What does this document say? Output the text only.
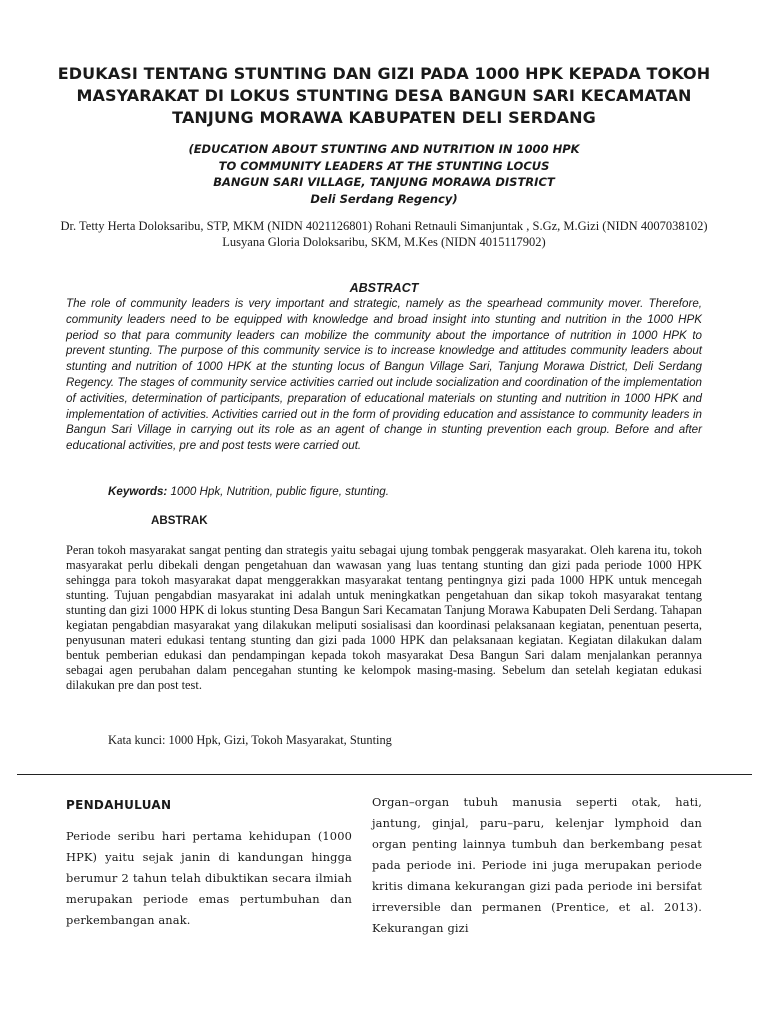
EDUKASI TENTANG STUNTING DAN GIZI PADA 1000 HPK KEPADA TOKOH MASYARAKAT DI LOKUS STUNTING DESA BANGUN SARI KECAMATAN TANJUNG MORAWA KABUPATEN DELI SERDANG
(EDUCATION ABOUT STUNTING AND NUTRITION IN 1000 HPK
TO COMMUNITY LEADERS AT THE STUNTING LOCUS
BANGUN SARI VILLAGE, TANJUNG MORAWA DISTRICT
Deli Serdang Regency)

Dr. Tetty Herta Doloksaribu, STP, MKM (NIDN 4021126801) Rohani Retnauli Simanjuntak , S.Gz, M.Gizi (NIDN 4007038102) Lusyana Gloria Doloksaribu, SKM, M.Kes (NIDN 4015117902)

ABSTRACT

The role of community leaders is very important and strategic, namely as the spearhead community mover. Therefore, community leaders need to be equipped with knowledge and broad insight into stunting and nutrition in the 1000 HPK period so that para community leaders can mobilize the community about the importance of nutrition in 1000 HPK to prevent stunting. The purpose of this community service is to increase knowledge and attitudes community leaders about stunting and nutrition of 1000 HPK at the stunting locus of Bangun Village Sari, Tanjung Morawa District, Deli Serdang Regency. The stages of community service activities carried out include socialization and coordination of the implementation of activities, determination of participants, preparation of educational materials on stunting and nutrition in 1000 HPK and implementation of activities. Activities carried out in the form of providing education and assistance to community leaders in Bangun Sari Village in carrying out its role as an agent of change in stunting prevention each group. Before and after educational activities, pre and post tests were carried out.

Keywords: 1000 Hpk, Nutrition, public figure, stunting.

ABSTRAK

Peran tokoh masyarakat sangat penting dan strategis yaitu sebagai ujung tombak penggerak masyarakat. Oleh karena itu, tokoh masyarakat perlu dibekali dengan pengetahuan dan wawasan yang luas tentang stunting dan gizi pada periode 1000 HPK sehingga para tokoh masyarakat dapat menggerakkan masyarakat tentang pentingnya gizi pada 1000 HPK untuk mencegah stunting. Tujuan pengabdian masyarakat ini adalah untuk meningkatkan pengetahuan dan sikap tokoh masyarakat tentang stunting dan gizi 1000 HPK di lokus stunting Desa Bangun Sari Kecamatan Tanjung Morawa Kabupaten Deli Serdang. Tahapan kegiatan pengabdian masyarakat yang dilakukan meliputi sosialisasi dan koordinasi pelaksanaan kegiatan, penentuan peserta, penyusunan materi edukasi tentang stunting dan gizi pada 1000 HPK dan pelaksanaan kegiatan. Kegiatan dilakukan dalam bentuk pemberian edukasi dan pendampingan kepada tokoh masyarakat Desa Bangun Sari dalam menjalankan perannya sebagai agen perubahan dalam pencegahan stunting ke kelompok masing-masing. Sebelum dan setelah kegiatan edukasi dilakukan pre dan post test.

Kata kunci: 1000 Hpk, Gizi, Tokoh Masyarakat, Stunting

PENDAHULUAN

Periode seribu hari pertama kehidupan (1000 HPK) yaitu sejak janin di kandungan hingga berumur 2 tahun telah dibuktikan secara ilmiah merupakan periode emas pertumbuhan dan perkembangan anak.

Organ–organ tubuh manusia seperti otak, hati, jantung, ginjal, paru–paru, kelenjar lymphoid dan organ penting lainnya tumbuh dan berkembang pesat pada periode ini. Periode ini juga merupakan periode kritis dimana kekurangan gizi pada periode ini bersifat irreversible dan permanen (Prentice, et al. 2013). Kekurangan gizi
